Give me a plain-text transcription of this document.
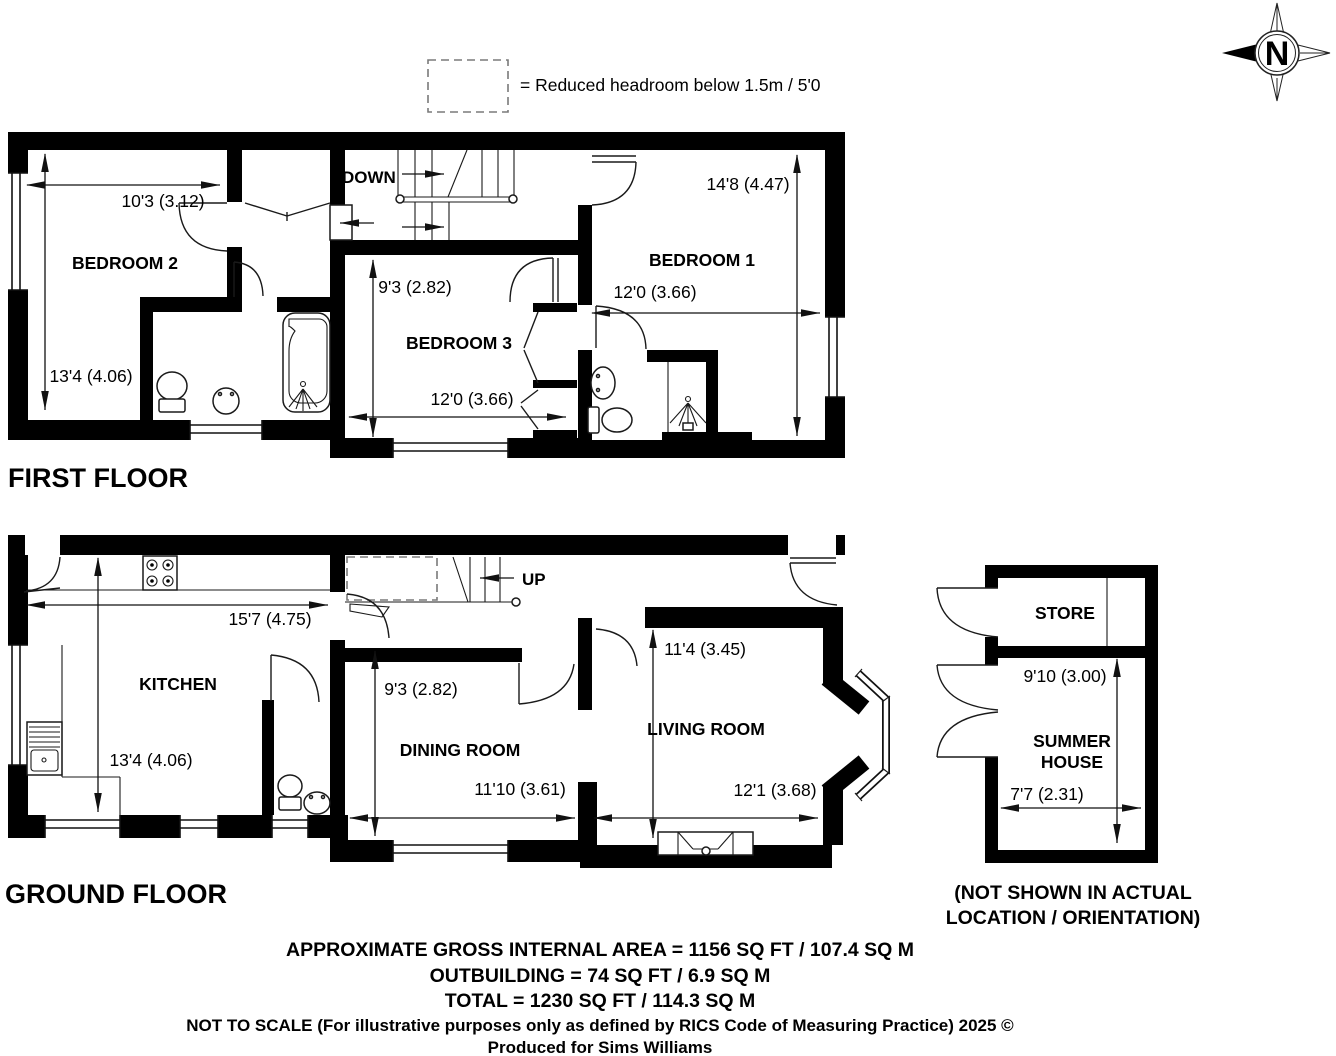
= Reduced headroom below 1.5m / 5'0
N
DOWN
BEDROOM 2
10'3 (3.12)
13'4 (4.06)
9'3 (2.82)
BEDROOM 3
12'0 (3.66)
14'8 (4.47)
BEDROOM 1
12'0 (3.66)
FIRST FLOOR
UP
KITCHEN
15'7 (4.75)
13'4 (4.06)	DINING ROOM
9'3 (2.82)
11'10 (3.61)
LIVING ROOM
11'4 (3.45)
12'1 (3.68)
GROUND FLOOR
STORE
9'10 (3.00)
SUMMER
HOUSE
7'7 (2.31)
(NOT SHOWN IN ACTUAL
LOCATION / ORIENTATION)
APPROXIMATE GROSS INTERNAL AREA = 1156 SQ FT / 107.4 SQ M
OUTBUILDING = 74 SQ FT / 6.9 SQ M
TOTAL = 1230 SQ FT / 114.3 SQ M
NOT TO SCALE (For illustrative purposes only as defined by RICS Code of Measuring Practice) 2025 ©
Produced for Sims Williams
